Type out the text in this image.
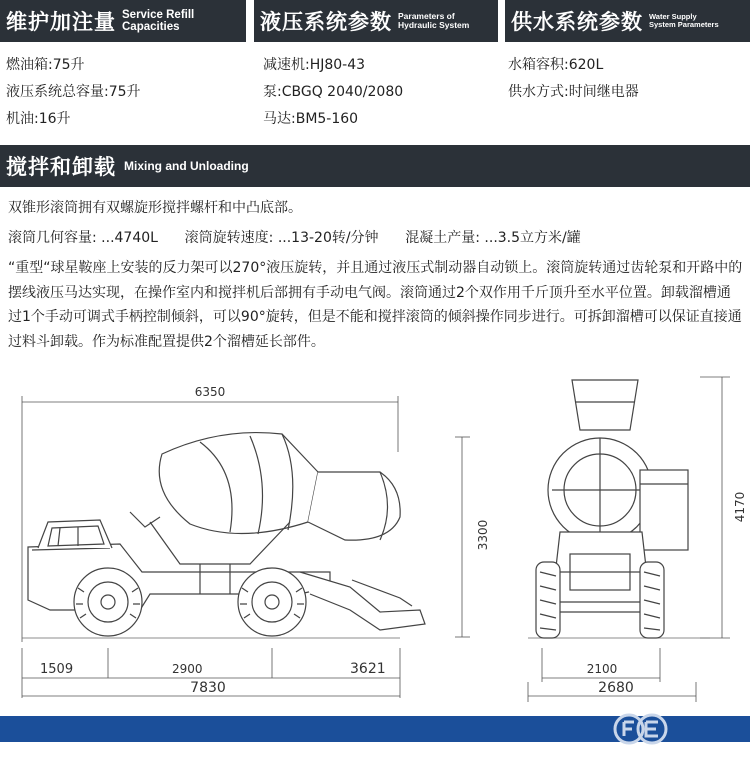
维护加注量 Service Refill
Capacities	液压系统参数 Parameters of
Hydraulic System 供水系统参数 Water Supply
System Parameters
燃油箱:75升
液压系统总容量:75升
机油:16升
减速机:HJ80-43
泵:CBGQ 2040/2080
马达:BM5-160
水箱容积:620L
供水方式:时间继电器
搅拌和卸载 Mixing and Unloading
双锥形滚筒拥有双螺旋形搅拌螺杆和中凸底部。
滚筒几何容量: ...4740L      滚筒旋转速度: ...13-20转/分钟      混凝土产量: ...3.5立方米/罐
“重型“球星鞍座上安装的反力架可以270°液压旋转，并且通过液压式制动器自动锁上。滚筒旋转通过齿轮泵和开路中的摆线液压马达实现，在操作室内和搅拌机后部拥有手动电气阀。滚筒通过2个双作用千斤顶升至水平位置。卸载溜槽通过1个手动可调式手柄控制倾斜，可以90°旋转，但是不能和搅拌滚筒的倾斜操作同步进行。可拆卸溜槽可以保证直接通过料斗卸载。作为标准配置提供2个溜槽延长部件。
6350
3300
1509	2900	3621
7830
4170
2100
2680
